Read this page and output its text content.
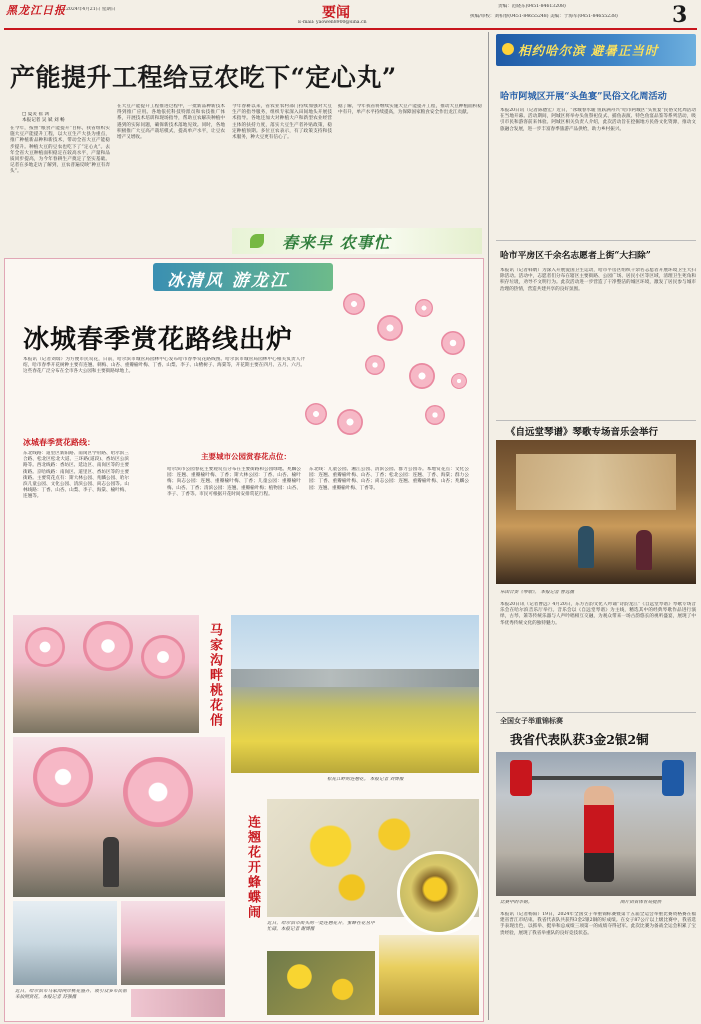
黑龙江日报 2024年4月21日 星期日	要闻
E-mail: yaowen8900@sina.cn
责编：范晓东(0451-84613208)
执编/审校：刘柏春(0451-84655248) 美编：于海军(0451-84655238)	3
产能提升工程给豆农吃下“定心丸”
□ 夏炎 崔 鸿
本报记者 吴 斌 刘 畅
在今年，按照“粮食产能提升”目标，我省组织实施大豆产能提升工程，以大豆生产大县为重点，推广种植新品种和新技术，带动全省大豆产能稳步提升。种植大豆的豆农也吃下了“定心丸”。去年全省大豆种植面积稳定在较高水平，产量和品质同步提高，为今年春耕生产奠定了坚实基础。记者在多地走访了解到，豆农普遍反映“种豆有奔头”。
在大豆产能提升工程推进过程中，一批新品种新技术得到推广应用。各地依托科技特派员和农技推广体系，开展技术培训和现场指导，帮助豆农解决种植中遇到的实际问题，确保新技术落地见效。同时，各地积极推广大豆高产栽培模式，提高单产水平，让豆农增产又增收。
今年春耕以来，省农业农村部门持续加强对大豆生产的指导服务，组织专家深入田间地头开展技术指导。各地还加大对种植大户和新型农业经营主体的扶持力度，落实大豆生产者补贴政策，稳定种植预期。多位豆农表示，有了政策支持和技术服务，种大豆更有信心了。
据了解，今年我省将继续实施大豆产能提升工程，推动大豆种植面积稳中有升，单产水平持续提高，为保障国家粮食安全作出龙江贡献。
春来早 农事忙
冰清风 游龙江
冰城春季赏花路线出炉
本报讯（记者刘瑞）为方便市民赏花，日前，哈尔滨市城管局园林中心发布哈市春季赏花路线图。哈尔滨市城管局园林中心相关负责人介绍，哈市春季开花树种主要有连翘、刺梅、山杏、重瓣榆叶梅、丁香、山梨、李子、山楂树子、海棠等，开花期主要在四月、五月、六月。这些春花广泛分布在全市各大公园和主要街路绿地上。
冰城春季赏花路线：
东北线路：道里区新阳路、南岗区学府路、哈尔滨三合路、松北区松北大道、三环路(道段)、香坊区公滨路等。西北线路：香坊区、延边区、南岗区等的主要街路。京哈线路：南岗区、道里区、香坊区等的主要街路。主要赏花点有：斯大林公园、兆麟公园、哈尔滨儿童公园、文化公园、清滨公园、尚志公园等。山林线路：丁香、山杏、山梨、李子、海棠、榆叶梅、连翘等。
主要城市公园赏春花点位：
哈尔滨市公园春花主要观赏点分布在主要街路和公园绿地。兆麟公园：连翘、重瓣榆叶梅、丁香；斯大林公园：丁香、山杏、榆叶梅；尚志公园：连翘、重瓣榆叶梅、丁香；儿童公园：重瓣榆叶梅、山杏、丁香；清滨公园：连翘、重瓣榆叶梅；植物园：山杏、李子、丁香等。市民可根据开花时间安排赏花行程。
东北线：儿童公园、湘江公园、清滨公园、群力公园等。本地赏花点：文化公园：连翘、重瓣榆叶梅、山杏、丁香；松北公园：连翘、丁香、海棠；群力公园：丁香、重瓣榆叶梅、山杏；尚志公园：连翘、重瓣榆叶梅、山杏；兆麟公园：连翘、重瓣榆叶梅、丁香等。
马家沟畔桃花俏
近日，哈尔滨市马家沟两岸桃花盛开，吸引众多市民前来拍照赏花。本报记者 苏强摄
松花江畔的连翘花。 本报记者 刘博摄
连翘花开蜂蝶闹
近日，哈尔滨市街头的一处连翘花开，蜜蜂在花丛中忙碌。本报记者 谢博摄
相约哈尔滨 避暑正当时
哈市阿城区开展“头鱼宴”民俗文化周活动
本报20日讯（记者陈德宏）近日，“冰城春水暖 鱼跃满舟兴”哈市阿城区“头鱼宴”民俗文化周活动在当地开幕。活动期间，阿城区将举办头鱼祭祀仪式、捕鱼表演、特色鱼宴品鉴等系列活动，吸引市民和游客前来体验。阿城区相关负责人介绍，此次活动旨在挖掘地方民俗文化资源，推动文旅融合发展，进一步丰富春季旅游产品供给，助力乡村振兴。
哈市平房区千余名志愿者上街“大扫除”
本报讯（记者韩婧）为深入开展爱国卫生运动，哈市平房区组织千余名志愿者开展环境卫生大扫除活动。活动中，志愿者们分布在辖区主要街路、公园广场、居民小区等区域，清理卫生死角和积存垃圾，劝导不文明行为。此次活动进一步营造了干净整洁的城区环境，激发了居民参与城市治理的热情，营造共建共享的良好氛围。
《自远堂琴谱》琴歌专场音乐会举行
乐团合奏《琴歌》。 本报记者 曹远摄
本报20日讯（记者曹远）4月20日，东方古韵文化人吟诵“诗韵龙江”《自远堂琴谱》琴歌专场音乐会在哈尔滨音乐厅举行。音乐会以《自远堂琴谱》为主线，精选其中的经典琴歌作品进行演绎，古琴、箫等传统乐器与人声吟唱相互交融，为观众带来一场古韵悠长的视听盛宴，展现了中华优秀传统文化的独特魅力。
全国女子举重锦标赛
我省代表队获3金2银2铜
比赛中的李钢。	图片由省体育局提供
本报讯（记者杨阳）19日，2024年全国女子举重锦标赛暨第十五届全运会举重比赛资格赛在福建省晋江市结束。我省代表队共获得3金2银2铜的好成绩。在女子87公斤以上级比赛中，我省选手表现出色，以抓举、挺举和总成绩三项第一的成绩夺得冠军。此次比赛为备战全运会积累了宝贵经验，展现了我省举重队的良好竞技状态。
